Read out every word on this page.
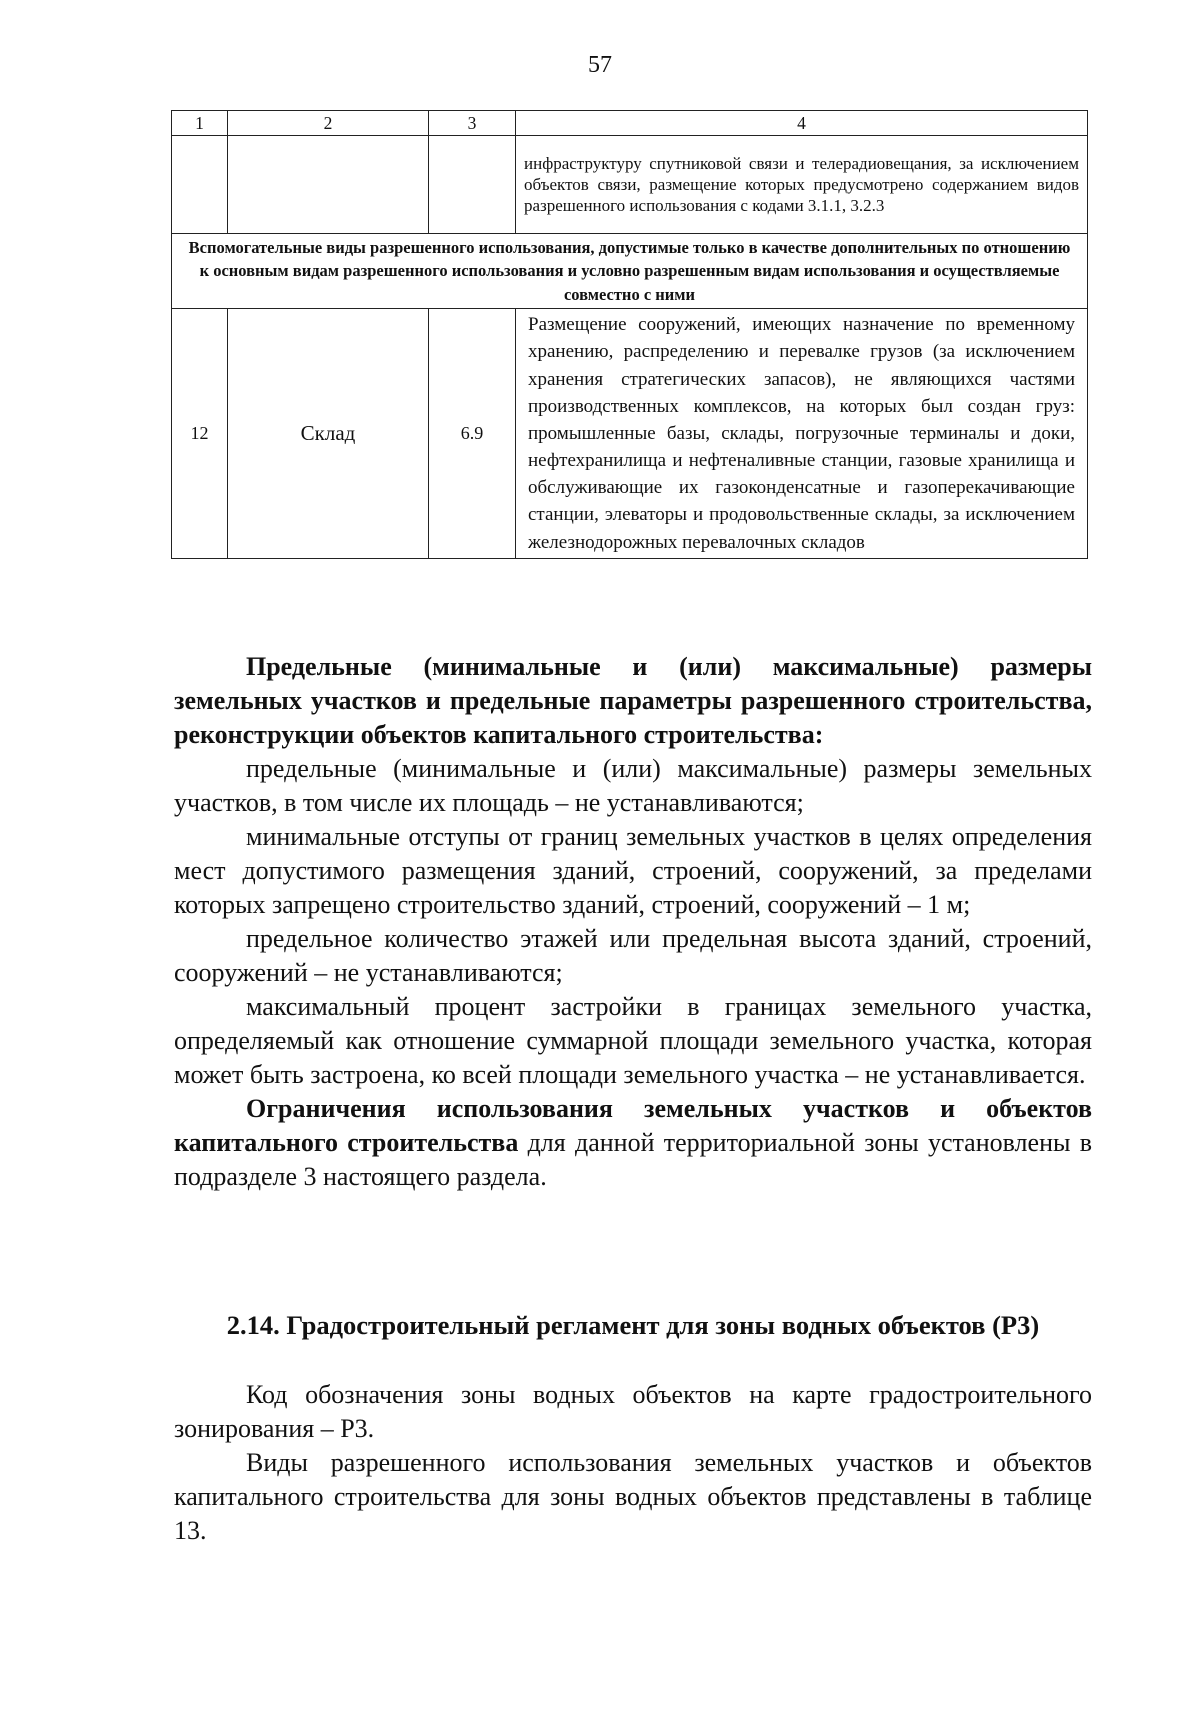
57
1	2	3	4
			инфраструктуру спутниковой связи и телерадиовещания, за исключением объектов связи, размещение которых предусмотрено содержанием видов разрешенного использования с кодами 3.1.1, 3.2.3
Вспомогательные виды разрешенного использования, допустимые только в качестве дополнительных по отношению к основным видам разрешенного использования и условно разрешенным видам использования и осуществляемые совместно с ними			
12	Склад	6.9	Размещение сооружений, имеющих назначение по временному хранению, распределению и перевалке грузов (за исключением хранения стратегических запасов), не являющихся частями производственных комплексов, на которых был создан груз: промышленные базы, склады, погрузочные терминалы и доки, нефтехранилища и нефтеналивные станции, газовые хранилища и обслуживающие их газоконденсатные и газоперекачивающие станции, элеваторы и продовольственные склады, за исключением железнодорожных перевалочных складов

Предельные (минимальные и (или) максимальные) размеры земельных участков и предельные параметры разрешенного строительства, реконструкции объектов капитального строительства:

предельные (минимальные и (или) максимальные) размеры земельных участков, в том числе их площадь – не устанавливаются;

минимальные отступы от границ земельных участков в целях определения мест допустимого размещения зданий, строений, сооружений, за пределами которых запрещено строительство зданий, строений, сооружений – 1 м;

предельное количество этажей или предельная высота зданий, строений, сооружений – не устанавливаются;

максимальный процент застройки в границах земельного участка, определяемый как отношение суммарной площади земельного участка, которая может быть застроена, ко всей площади земельного участка – не устанавливается.

Ограничения использования земельных участков и объектов капитального строительства для данной территориальной зоны установлены в подразделе 3 настоящего раздела.

2.14. Градостроительный регламент для зоны водных объектов (Р3)

Код обозначения зоны водных объектов на карте градостроительного зонирования – Р3.

Виды разрешенного использования земельных участков и объектов капитального строительства для зоны водных объектов представлены в таблице 13.
